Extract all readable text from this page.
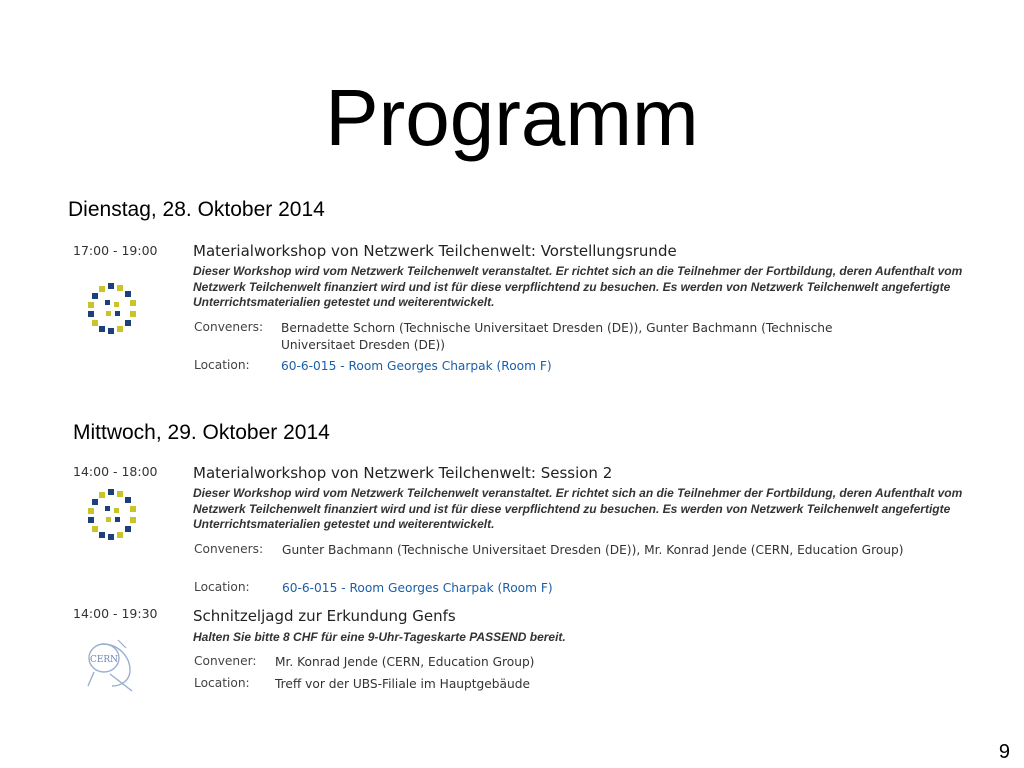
Programm
Dienstag, 28. Oktober 2014
17:00 - 19:00 Materialworkshop von Netzwerk Teilchenwelt: Vorstellungsrunde
Dieser Workshop wird vom Netzwerk Teilchenwelt veranstaltet. Er richtet sich an die Teilnehmer der Fortbildung, deren Aufenthalt vom Netzwerk Teilchenwelt finanziert wird und ist für diese verpflichtend zu besuchen. Es werden von Netzwerk Teilchenwelt angefertigte Unterrichtsmaterialien getestet und weiterentwickelt.
Conveners: Bernadette Schorn (Technische Universitaet Dresden (DE)), Gunter Bachmann (Technische Universitaet Dresden (DE))
Location:	60-6-015 - Room Georges Charpak (Room F)
Mittwoch, 29. Oktober 2014
14:00 - 18:00 Materialworkshop von Netzwerk Teilchenwelt: Session 2
Dieser Workshop wird vom Netzwerk Teilchenwelt veranstaltet. Er richtet sich an die Teilnehmer der Fortbildung, deren Aufenthalt vom Netzwerk Teilchenwelt finanziert wird und ist für diese verpflichtend zu besuchen. Es werden von Netzwerk Teilchenwelt angefertigte Unterrichtsmaterialien getestet und weiterentwickelt.
Conveners: Gunter Bachmann (Technische Universitaet Dresden (DE)), Mr. Konrad Jende (CERN, Education Group)
Location:	60-6-015 - Room Georges Charpak (Room F)
14:00 - 19:30
CERN
Schnitzeljagd zur Erkundung Genfs
Halten Sie bitte 8 CHF für eine 9-Uhr-Tageskarte PASSEND bereit.
Convener: Mr. Konrad Jende (CERN, Education Group)
Location: Treff vor der UBS-Filiale im Hauptgebäude
9
